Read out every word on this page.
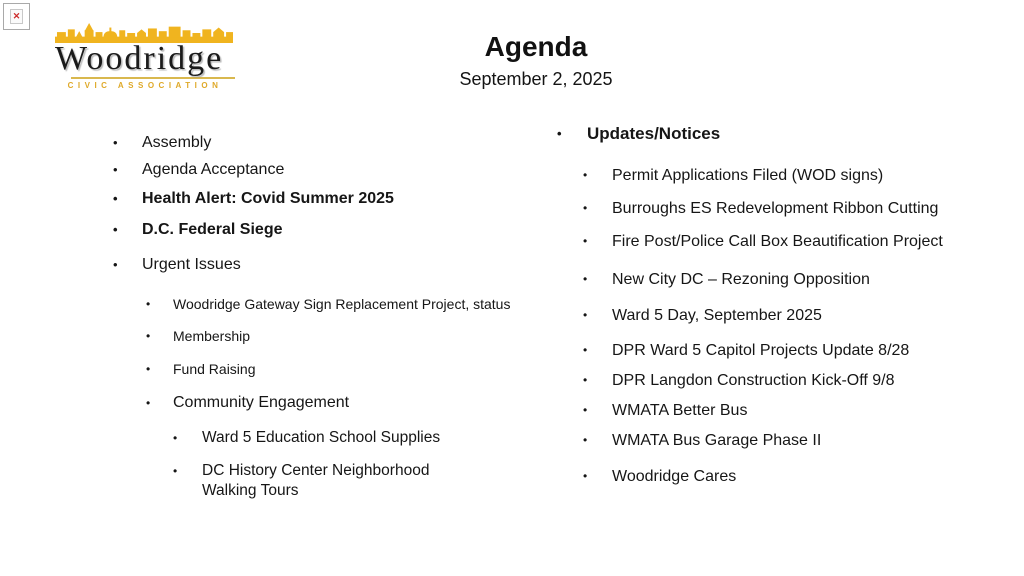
✕
Woodridge
CIVIC ASSOCIATION
Agenda
September 2, 2025
•
Assembly
•
Agenda Acceptance
•
Health Alert: Covid Summer 2025
•
D.C. Federal Siege
•
Urgent Issues
•
Woodridge Gateway Sign Replacement Project, status
•
Membership
•
Fund Raising
•
Community Engagement
•
Ward 5 Education School Supplies
•
DC History Center Neighborhood Walking Tours
•
Updates/Notices
•
Permit Applications Filed (WOD signs)
•
Burroughs ES Redevelopment Ribbon Cutting
•
Fire Post/Police Call Box Beautification Project
•
New City DC – Rezoning Opposition
•
Ward 5 Day, September 2025
•
DPR Ward 5 Capitol Projects Update 8/28
•
DPR Langdon Construction Kick-Off 9/8
•
WMATA Better Bus
•
WMATA Bus Garage Phase II
•
Woodridge Cares
